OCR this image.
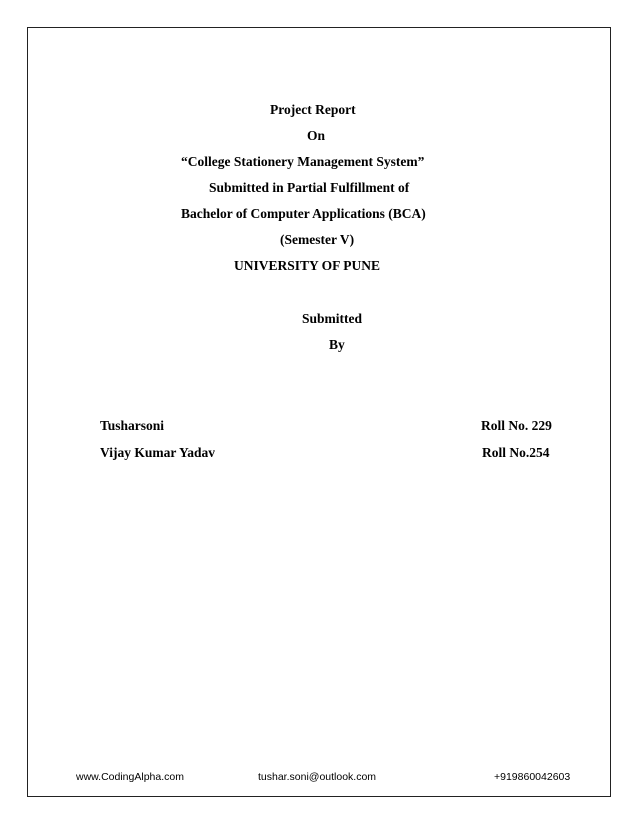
Project Report
On
“College Stationery Management System”
Submitted in Partial Fulfillment of
Bachelor of Computer Applications (BCA)
(Semester V)
UNIVERSITY OF PUNE
Submitted
By
Tusharsoni	Roll No. 229
Vijay Kumar Yadav	Roll No.254
www.CodingAlpha.com	tushar.soni@outlook.com	+919860042603
